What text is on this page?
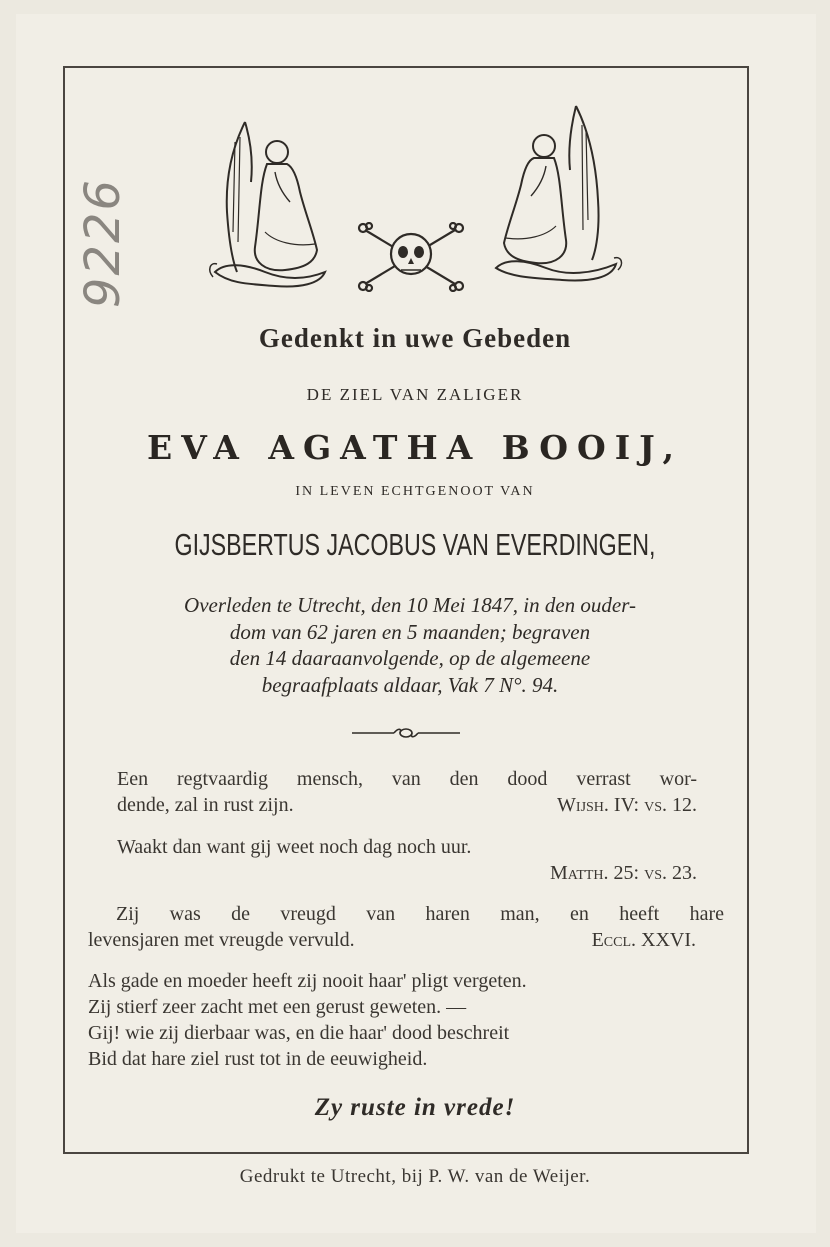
9226
Gedenkt in uwe Gebeden
DE ZIEL VAN ZALIGER
EVA AGATHA BOOIJ,
IN LEVEN ECHTGENOOT VAN
GIJSBERTUS JACOBUS VAN EVERDINGEN,
Overleden te Utrecht, den 10 Mei 1847, in den ouder-
dom van 62 jaren en 5 maanden; begraven
den 14 daaraanvolgende, op de algemeene
begraafplaats aldaar, Vak 7 N°. 94.
Een regtvaardig mensch, van den dood verrast wor-
dende, zal in rust zijn.	Wijsh. IV: vs. 12.
Waakt dan want gij weet noch dag noch uur.
Matth. 25: vs. 23.
Zij was de vreugd van haren man, en heeft hare
levensjaren met vreugde vervuld.	Eccl. XXVI.
Als gade en moeder heeft zij nooit haar' pligt vergeten.
Zij stierf zeer zacht met een gerust geweten. —
Gij! wie zij dierbaar was, en die haar' dood beschreit
Bid dat hare ziel rust tot in de eeuwigheid.
Zy ruste in vrede!
Gedrukt te Utrecht, bij P. W. van de Weijer.
